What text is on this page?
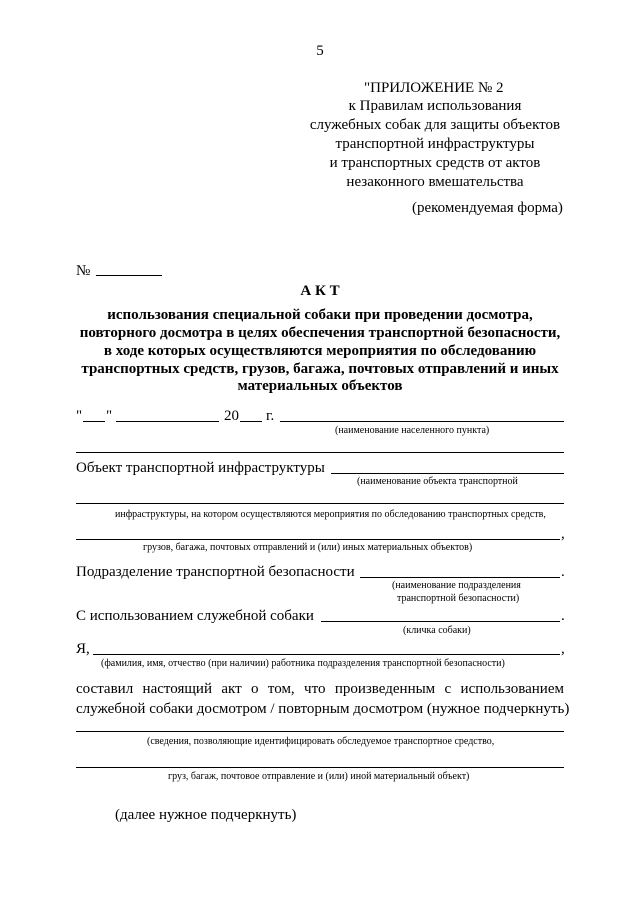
5
"ПРИЛОЖЕНИЕ № 2
к Правилам использования
служебных собак для защиты объектов
транспортной инфраструктуры
и транспортных средств от актов
незаконного вмешательства
(рекомендуемая форма)
№
А К Т
использования специальной собаки при проведении досмотра,
повторного досмотра в целях обеспечения транспортной безопасности,
в ходе которых осуществляются мероприятия по обследованию
транспортных средств, грузов, багажа, почтовых отправлений и иных
материальных объектов
" "	20 г.
(наименование населенного пункта)
Объект транспортной инфраструктуры
(наименование объекта транспортной
инфраструктуры, на котором осуществляются мероприятия по обследованию транспортных средств,
,
грузов, багажа, почтовых отправлений и (или) иных материальных объектов)
Подразделение транспортной безопасности	.
(наименование подразделения
транспортной безопасности)
С использованием служебной собаки	.
(кличка собаки)
Я,	,
(фамилия, имя, отчество (при наличии) работника подразделения транспортной безопасности)
составил настоящий акт о том, что произведенным с использованием
служебной собаки досмотром / повторным досмотром (нужное подчеркнуть)
(сведения, позволяющие идентифицировать обследуемое транспортное средство,
груз, багаж, почтовое отправление и (или) иной материальный объект)
(далее нужное подчеркнуть)
